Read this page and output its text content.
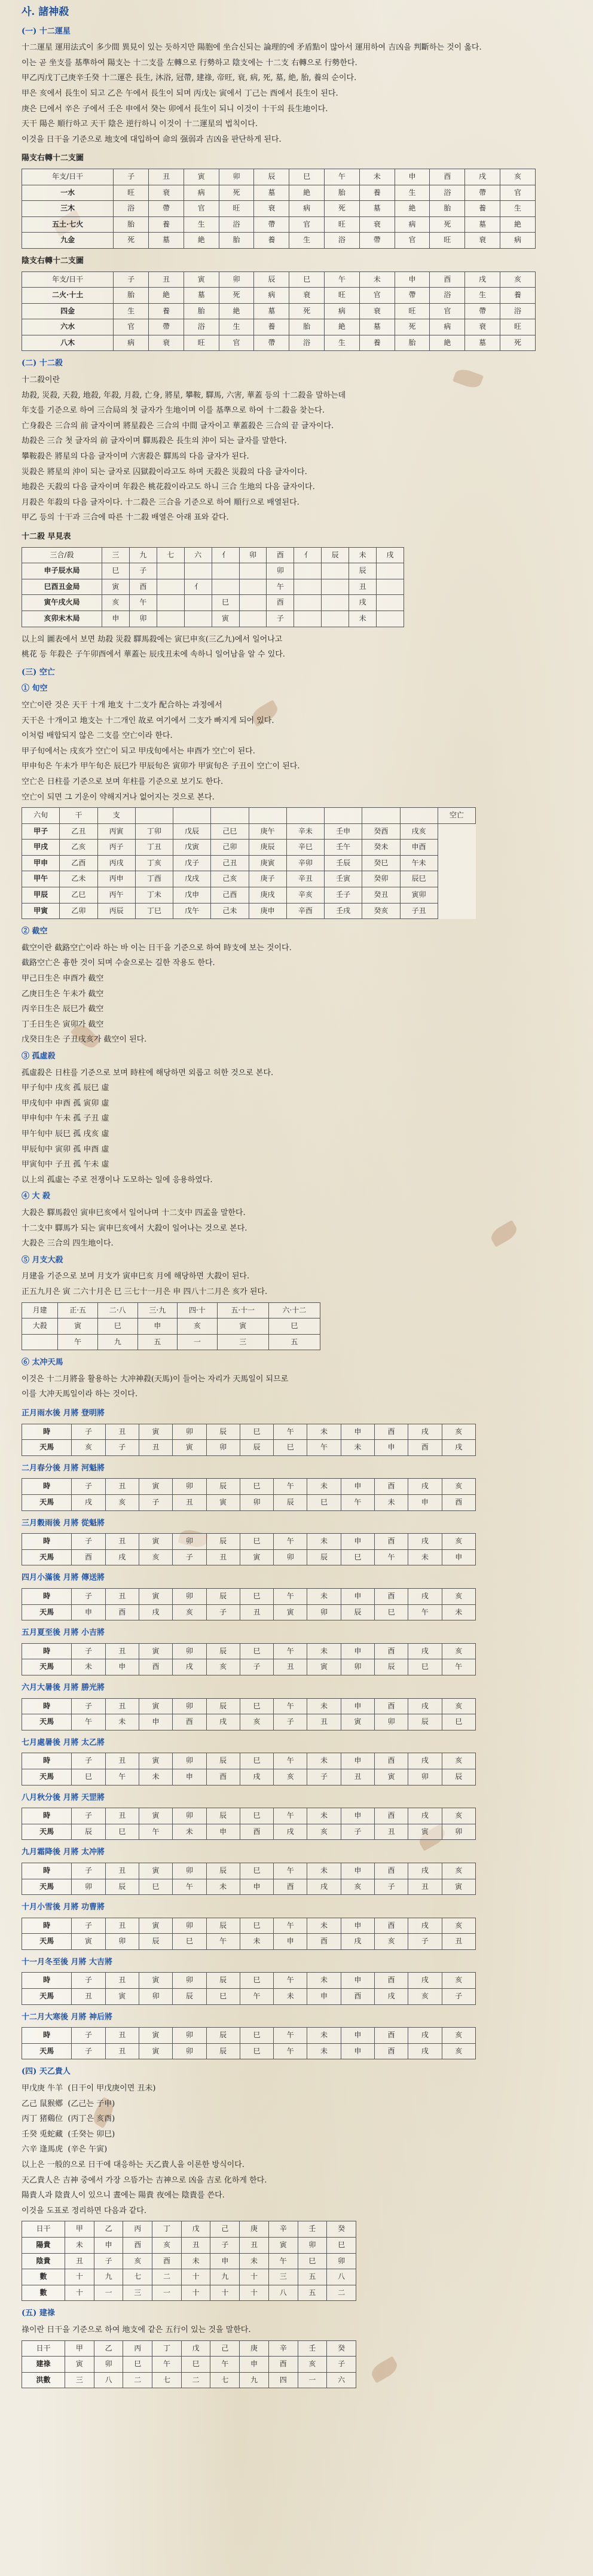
사. 諸神殺
(一) 十二運星

十二運星 運用法式이 多少間 異見이 있는 듯하지만 陽胞에 坐合신되는 論理的에 矛盾點이 많아서 運用하여 吉凶을 判斷하는 것이 옳다.

이는 곧 坐支를 基準하여 陽支는 十二支를 左轉으로 行勢하고 陰支에는 十二支 右轉으로 行勢한다.

甲乙丙戊丁己庚辛壬癸 十二運은 長生, 沐浴, 冠帶, 建祿, 帝旺, 衰, 病, 死, 墓, 絶, 胎, 養의 순이다.

甲은 亥에서 長生이 되고 乙은 午에서 長生이 되며 丙戊는 寅에서 丁己는 酉에서 長生이 된다.

庚은 巳에서 辛은 子에서 壬은 申에서 癸는 卯에서 長生이 되니 이것이 十干의 長生地이다.

天干 陽은 順行하고 天干 陰은 逆行하니 이것이 十二運星의 법칙이다.

이것을 日干을 기준으로 地支에 대입하여 命의 强弱과 吉凶을 판단하게 된다.

陽支右轉十二支圖
年支/日干	子	丑	寅	卯	辰	巳	午	未	申	酉	戌	亥
一水	旺	衰	病	死	墓	絶	胎	養	生	浴	帶	官
三木	浴	帶	官	旺	衰	病	死	墓	絶	胎	養	生
五土·七火	胎	養	生	浴	帶	官	旺	衰	病	死	墓	絶
九金	死	墓	絶	胎	養	生	浴	帶	官	旺	衰	病
陰支右轉十二支圖
年支/日干	子	丑	寅	卯	辰	巳	午	未	申	酉	戌	亥
二火·十土	胎	絶	墓	死	病	衰	旺	官	帶	浴	生	養
四金	生	養	胎	絶	墓	死	病	衰	旺	官	帶	浴
六水	官	帶	浴	生	養	胎	絶	墓	死	病	衰	旺
八木	病	衰	旺	官	帶	浴	生	養	胎	絶	墓	死
(二) 十二殺

十二殺이란

劫殺, 災殺, 天殺, 地殺, 年殺, 月殺, 亡身, 將星, 攀鞍, 驛馬, 六害, 華蓋 등의 十二殺을 말하는데

年支를 기준으로 하여 三合局의 첫 글자가 生地이며 이를 基準으로 하여 十二殺을 찾는다.

亡身殺은 三合의 前 글자이며 將星殺은 三合의 中間 글자이고 華蓋殺은 三合의 끝 글자이다.

劫殺은 三合 첫 글자의 前 글자이며 驛馬殺은 長生의 沖이 되는 글자를 말한다.

攀鞍殺은 將星의 다음 글자이며 六害殺은 驛馬의 다음 글자가 된다.

災殺은 將星의 沖이 되는 글자로 囚獄殺이라고도 하며 天殺은 災殺의 다음 글자이다.

地殺은 天殺의 다음 글자이며 年殺은 桃花殺이라고도 하니 三合 生地의 다음 글자이다.

月殺은 年殺의 다음 글자이다. 十二殺은 三合을 기준으로 하여 順行으로 배열된다.

甲乙 등의 十干과 三合에 따른 十二殺 배열은 아래 표와 같다.

十二殺 早見表
三合/殺	三	九	七	六	亻	卯	酉	亻	辰	未	戌
申子辰水局	巳	子					卯			辰	
巳酉丑金局	寅	酉		亻			午			丑	
寅午戌火局	亥	午			巳		酉			戌	
亥卯未木局	申	卯			寅		子			未	

以上의 圖表에서 보면 劫殺 災殺 驛馬殺에는 寅巳申亥(三乙九)에서 일어나고

桃花 등 年殺은 子午卯酉에서 華蓋는 辰戌丑未에 속하니 일어남을 알 수 있다.

(三) 空亡
① 旬空

空亡이란 것은 天干 十개 地支 十二支가 配合하는 과정에서

天干은 十개이고 地支는 十二개인 故로 여기에서 二支가 빠지게 되어 있다.

이처럼 배합되지 않은 二支를 空亡이라 한다.

甲子旬에서는 戌亥가 空亡이 되고 甲戌旬에서는 申酉가 空亡이 된다.

甲申旬은 午未가 甲午旬은 辰巳가 甲辰旬은 寅卯가 甲寅旬은 子丑이 空亡이 된다.

空亡은 日柱를 기준으로 보며 年柱를 기준으로 보기도 한다.

空亡이 되면 그 기운이 약해지거나 없어지는 것으로 본다.

六旬	干	支									空亡
甲子	乙丑	丙寅	丁卯	戊辰	己巳	庚午	辛未	壬申	癸酉	戌亥	
甲戌	乙亥	丙子	丁丑	戊寅	己卯	庚辰	辛巳	壬午	癸未	申酉	
甲申	乙酉	丙戌	丁亥	戊子	己丑	庚寅	辛卯	壬辰	癸巳	午未	
甲午	乙未	丙申	丁酉	戊戌	己亥	庚子	辛丑	壬寅	癸卯	辰巳	
甲辰	乙巳	丙午	丁未	戊申	己酉	庚戌	辛亥	壬子	癸丑	寅卯	
甲寅	乙卯	丙辰	丁巳	戊午	己未	庚申	辛酉	壬戌	癸亥	子丑	
② 截空

截空이란 截路空亡이라 하는 바 이는 日干을 기준으로 하여 時支에 보는 것이다.

截路空亡은 흉한 것이 되며 수술으로는 길한 작용도 한다.

甲己日生은 申酉가 截空

乙庚日生은 午未가 截空

丙辛日生은 辰巳가 截空

丁壬日生은 寅卯가 截空

戊癸日生은 子丑戌亥가 截空이 된다.

③ 孤虛殺

孤虛殺은 日柱를 기준으로 보며 時柱에 해당하면 외롭고 허한 것으로 본다.

甲子旬中 戌亥 孤 辰巳 虛

甲戌旬中 申酉 孤 寅卯 虛

甲申旬中 午未 孤 子丑 虛

甲午旬中 辰巳 孤 戌亥 虛

甲辰旬中 寅卯 孤 申酉 虛

甲寅旬中 子丑 孤 午未 虛

以上의 孤虛는 주로 전쟁이나 도모하는 일에 응용하였다.

④ 大 殺

大殺은 驛馬殺인 寅申巳亥에서 일어나며 十二支中 四孟을 말한다.

十二支中 驛馬가 되는 寅申巳亥에서 大殺이 일어나는 것으로 본다.

大殺은 三合의 四生地이다.

⑤ 月支大殺

月建을 기준으로 보며 月支가 寅申巳亥 月에 해당하면 大殺이 된다.

正五九月은 寅 二六十月은 巳 三七十一月은 申 四八十二月은 亥가 된다.

月建	正·五	二·八	三·九	四·十	五·十一	六·十二
大殺	寅	巳	申	亥	寅	巳
	午	九	五	一	三	五
⑥ 太冲天馬

이것은 十二月將을 활용하는 大冲神殺(天馬)이 들어는 자리가 天馬일이 되므로

이를 大冲天馬일이라 하는 것이다.

正月雨水後 月將 登明將
時	子	丑	寅	卯	辰	巳	午	未	申	酉	戌	亥
天馬	亥	子	丑	寅	卯	辰	巳	午	未	申	酉	戌
二月春分後 月將 河魁將
時	子	丑	寅	卯	辰	巳	午	未	申	酉	戌	亥
天馬	戌	亥	子	丑	寅	卯	辰	巳	午	未	申	酉
三月穀雨後 月將 從魁將
時	子	丑	寅	卯	辰	巳	午	未	申	酉	戌	亥
天馬	酉	戌	亥	子	丑	寅	卯	辰	巳	午	未	申
四月小滿後 月將 傳送將
時	子	丑	寅	卯	辰	巳	午	未	申	酉	戌	亥
天馬	申	酉	戌	亥	子	丑	寅	卯	辰	巳	午	未
五月夏至後 月將 小吉將
時	子	丑	寅	卯	辰	巳	午	未	申	酉	戌	亥
天馬	未	申	酉	戌	亥	子	丑	寅	卯	辰	巳	午
六月大暑後 月將 勝光將
時	子	丑	寅	卯	辰	巳	午	未	申	酉	戌	亥
天馬	午	未	申	酉	戌	亥	子	丑	寅	卯	辰	巳
七月處暑後 月將 太乙將
時	子	丑	寅	卯	辰	巳	午	未	申	酉	戌	亥
天馬	巳	午	未	申	酉	戌	亥	子	丑	寅	卯	辰
八月秋分後 月將 天罡將
時	子	丑	寅	卯	辰	巳	午	未	申	酉	戌	亥
天馬	辰	巳	午	未	申	酉	戌	亥	子	丑	寅	卯
九月霜降後 月將 太冲將
時	子	丑	寅	卯	辰	巳	午	未	申	酉	戌	亥
天馬	卯	辰	巳	午	未	申	酉	戌	亥	子	丑	寅
十月小雪後 月將 功曹將
時	子	丑	寅	卯	辰	巳	午	未	申	酉	戌	亥
天馬	寅	卯	辰	巳	午	未	申	酉	戌	亥	子	丑
十一月冬至後 月將 大吉將
時	子	丑	寅	卯	辰	巳	午	未	申	酉	戌	亥
天馬	丑	寅	卯	辰	巳	午	未	申	酉	戌	亥	子
十二月大寒後 月將 神后將
時	子	丑	寅	卯	辰	巳	午	未	申	酉	戌	亥
天馬	子	丑	寅	卯	辰	巳	午	未	申	酉	戌	亥
(四) 天乙貴人

甲戊庚 牛羊  (日干이 甲戊庚이면 丑未)

乙己 鼠猴鄕  (乙己는 子申)

丙丁 猪鷄位  (丙丁은 亥酉)

壬癸 兎蛇藏  (壬癸는 卯巳)

六辛 逢馬虎  (辛은 午寅)

以上은 一般的으로 日干에 대응하는 天乙貴人을 이론한 방식이다.

天乙貴人은 吉神 중에서 가장 으뜸가는 吉神으로 凶을 吉로 化하게 한다.

陽貴人과 陰貴人이 있으니 晝에는 陽貴 夜에는 陰貴를 쓴다.

이것을 도표로 정리하면 다음과 같다.

日干	甲	乙	丙	丁	戊	己	庚	辛	壬	癸
陽貴	未	申	酉	亥	丑	子	丑	寅	卯	巳
陰貴	丑	子	亥	酉	未	申	未	午	巳	卯
數	十	九	七	二	十	九	十	三	五	八
數	十	一	三	一	十	十	十	八	五	二
(五) 建祿

祿이란 日干을 기준으로 하여 地支에 같은 五行이 있는 것을 말한다.

日干	甲	乙	丙	丁	戊	己	庚	辛	壬	癸
建祿	寅	卯	巳	午	巳	午	申	酉	亥	子
洪數	三	八	二	七	二	七	九	四	一	六
